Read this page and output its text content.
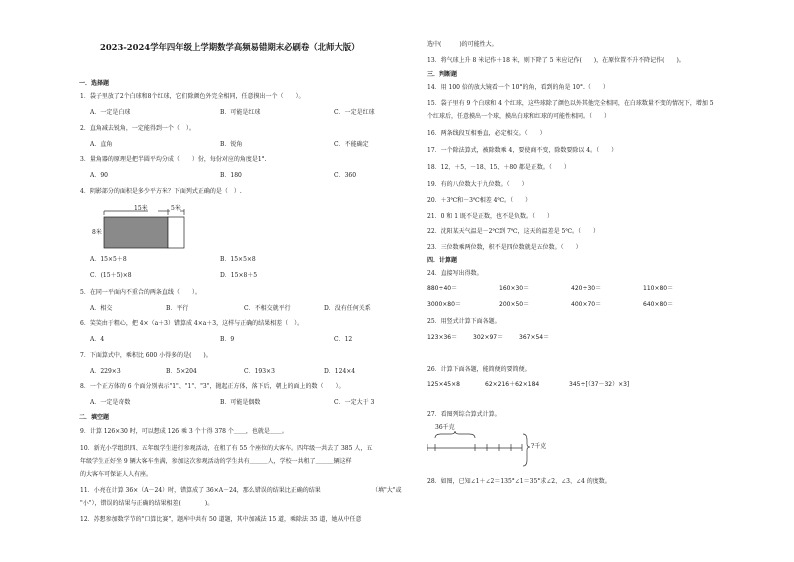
2023-2024学年四年级上学期数学高频易错期末必刷卷（北师大版）
一．选择题
1．袋子里放了2个白球和8个红球，它们除颜色外完全相同，任意摸出一个（　　）。
A．一定是白球	B．可能是红球	C．一定是红球
2．直角减去锐角，一定能得到一个（　）。
A．直角	B．锐角	C．不能确定
3．量角器的原理是把半圆平均分成（　　）份，每份对应的角度是1°.
A．90	B．180	C．360
4．阴影部分的面积是多少平方米？下面列式正确的是（　）.
15米	5米
8米
A．15×5＋8	B．15×5×8
C．(15＋5)×8	D．15×8＋5
5．在同一平面内不重合的两条直线（　　）。
A．相交	B．平行	C．不相交就平行	D．没有任何关系
6．笑笑由于粗心，把 4×（a＋3）错算成 4×a＋3，这样与正确的结果相差（　）。
A．4	B．9	C．12
7．下面算式中，乘积比 600 小得多的是(　　)。
A．229×3	B．5×204	C．193×3	D．124×4
8．一个正方体的 6 个面分别表示"1"、"1"、"3"，抛起正方体，落下后，朝上的面上的数（　　）。
A．一定是奇数	B．可能是偶数	C．一定大于 3
二．填空题
9．计算 126×30 时，可以想成 126 乘 3 个十得 378 个＿＿，也就是＿＿。
10．新光小学组织四、五年级学生进行参观活动，在租了有 55 个座位的大客车。四年级一共去了 385 人，五
年级学生正好坐 9 辆大客车坐满，参加这次参观活动的学生共有＿＿＿人，学校一共租了＿＿＿辆这样
的大客车可保证人人有座。
11．小亮在计算 36×（A－24）时，错算成了 36×A－24，那么错误的结果比正确的结果	（填"大"或
"小"），错误的结果与正确的结果相差(　　　　)。
12．苏想参加数学节的"口算比赛"，题库中共有 50 道题，其中加减法 15 道，乘除法 35 道，她从中任意
选中(　　　)的可能性大。
13．将气球上升 8 米记作＋18 米，则下降了 5 米应记作(　　)，在原位置不升不降记作(　　)。
三．判断题
14．用 100 倍的放大镜看一个 10°的角，看到的角是 10°.（　　）
15．袋子里有 9 个白球和 4 个红球，这些球除了颜色以外其他完全相同，在白球数量不变的情况下，增加 5
个红球后，任意摸出一个球，摸出白球和红球的可能性相同。（　　）
16．两条线段互相垂直，必定相交。（　　）
17．一个除法算式，被除数乘 4，要使商不变，除数要除以 4。（　　）
18．12、＋5、－18、15、＋80 都是正数。（　　）
19．有的八位数大于九位数。（　　）
20．＋3℃和－3℃相差 4℃。（　　）
21．0 和 1 既不是正数，也不是负数。（　　）
22．沈阳某天气温是－2℃到 7℃，这天的温差是 5℃。（　　）
23．三位数乘两位数，积不是四位数就是五位数。（　　）
四．计算题
24．直接写出得数。
880÷40＝	160×30＝	420÷30＝	110×80＝
3000×80＝	200×50＝	400×70＝	640×80＝
25．用竖式计算下面各题。
123×36＝	302×97＝	367×54＝
26．计算下面各题，能简便的要简便。
125×45×8	62×216＋62×184	345÷[（37－32）×3]
27．看图列综合算式计算。
36千克
?千克
28．如图，已知∠1＋∠2＝135°∠1＝35°求∠2、∠3、∠4 的度数。
